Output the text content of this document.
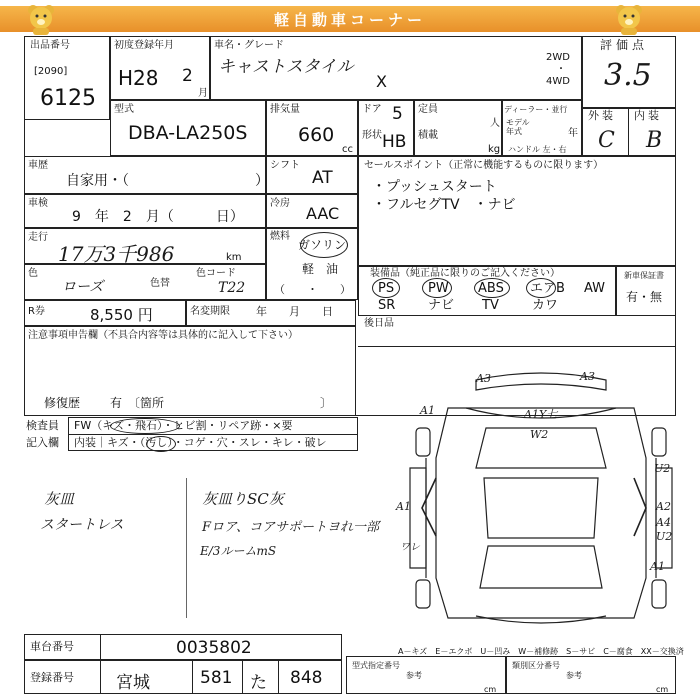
軽自動車コーナー
出品番号
[2090]
6125
初度登録年月
H28 2
月
車名・グレード
キャストスタイル
X
2WD
4WD
・
評価点
3.5
型式
DBA-LA250S
排気量
660
cc
ドア 5
形状 HB
定員
人
積載
kg
ディーラー・並行
モデル
年式	年
ハンドル 左・右
外装 内装
C B
車歴
自家用・（　　　　　　　　　）
車検
9　年　2　月（　　　日）
走行
17万3千986	km
色
ローズ	色替
色コード
T22
R券	8,550 円	名変期限 年　　月　　日
シフト
AT
冷房
AAC
燃料
ガソリン
軽　油
（　　・　　）
セールスポイント（正常に機能するものに限ります）
・プッシュスタート
・フルセグTV　・ナビ
装備品（純正品に限りのご記入ください）
PS	PW ABS エアB AW
SR	ナビ TV	カワ
新車保証書
有・無
後日品
注意事項申告欄（不具合内容等は具体的に記入して下さい）
修復歴 有　〔箇所　　　　　　　　　　　　　〕
検査員
記入欄
FW（キズ・飛石）・ヒビ割・リペア跡・×要
内装｜キズ・（汚し）・コゲ・穴・スレ・キレ・破レ
灰皿
スタートレス
灰皿りSC灰
Fロア、コアサポートヨれ一部
E/3ルームmS
A3	A3
A1	A1Y七
W2
A1
U2
A2
A4
U2
ワレ
A1
車台番号	0035802
登録番号 宮城	581 た 848
A－キズ　E－エクボ　U－凹み　W－補修跡　S－サビ　C－腐食　XX－交換済
型式指定番号
参考
cm
類別区分番号
参考
cm
